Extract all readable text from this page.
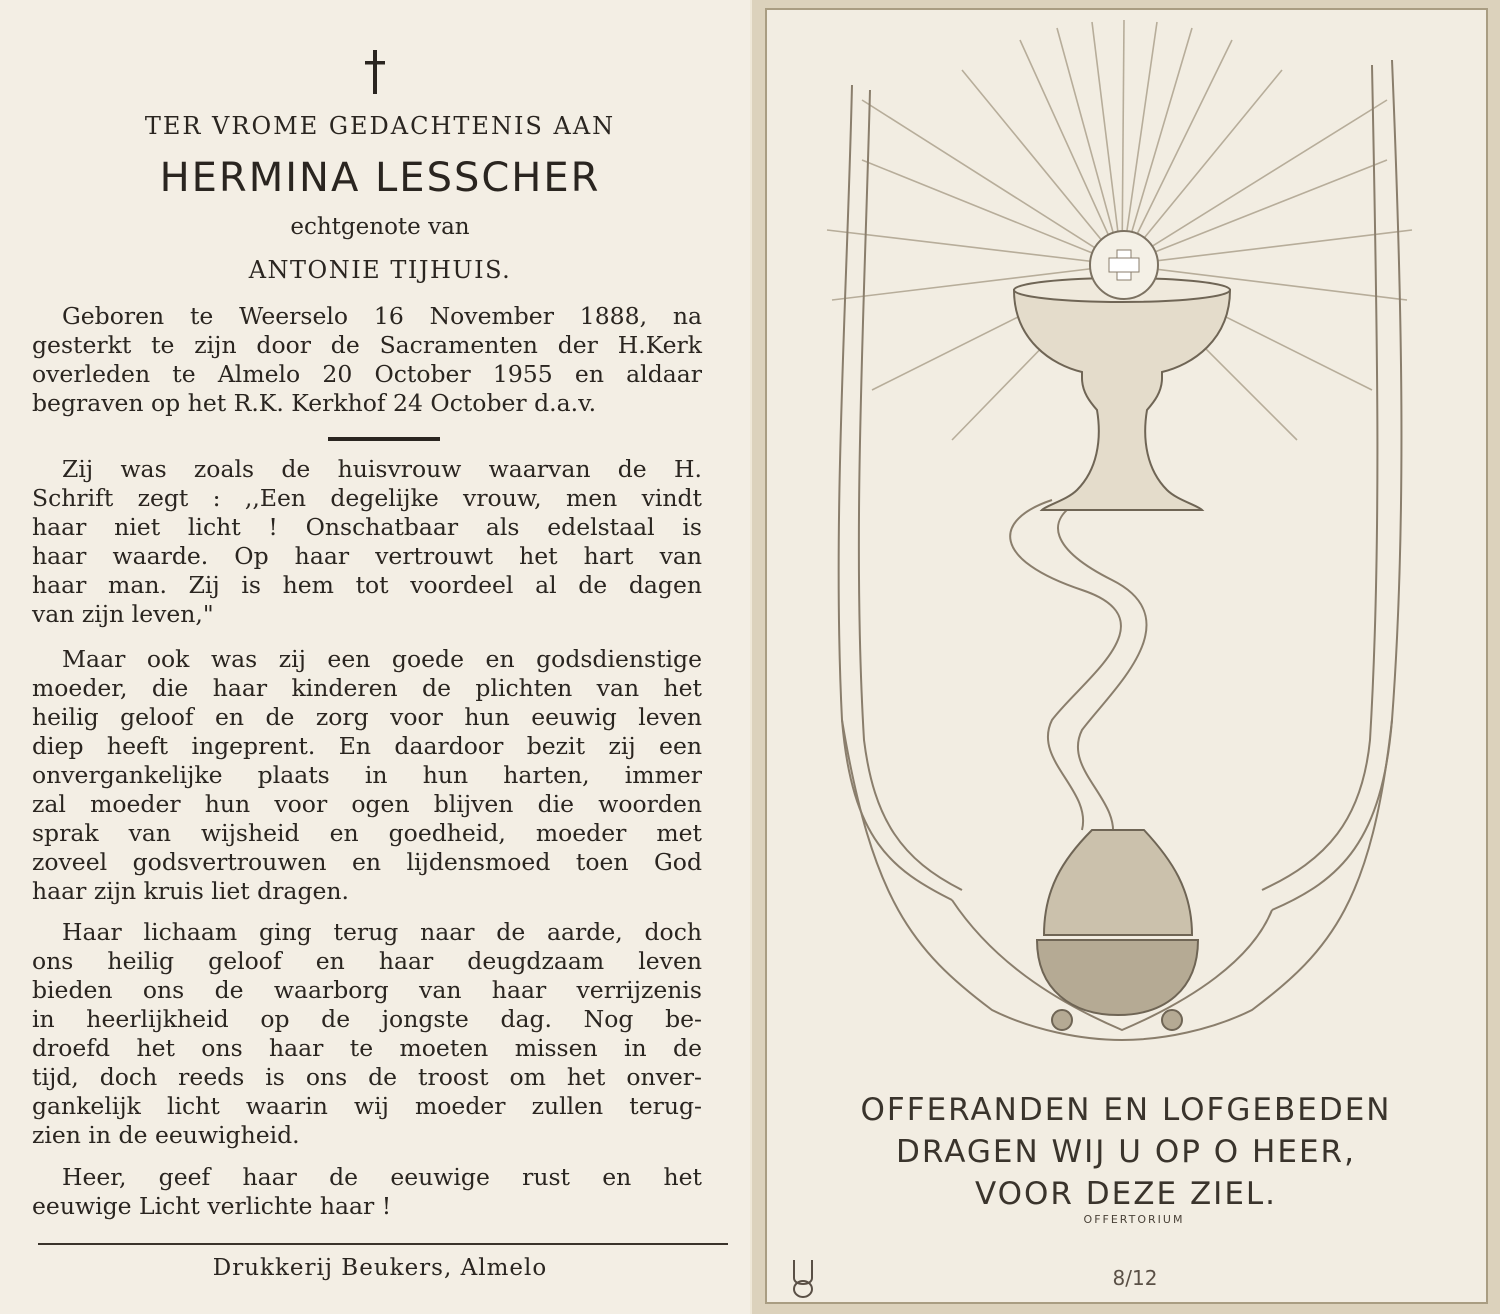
TER VROME GEDACHTENIS AAN
HERMINA LESSCHER
echtgenote van
ANTONIE TIJHUIS.
Geboren te Weerselo 16 November 1888, na
gesterkt te zijn door de Sacramenten der H.Kerk
overleden te Almelo 20 October 1955 en aldaar
begraven op het R.K. Kerkhof 24 October d.a.v.
Zij was zoals de huisvrouw waarvan de H.
Schrift zegt : ,,Een degelijke vrouw, men vindt
haar niet licht ! Onschatbaar als edelstaal is
haar waarde. Op haar vertrouwt het hart van
haar man. Zij is hem tot voordeel al de dagen
van zijn leven,"
Maar ook was zij een goede en godsdienstige
moeder, die haar kinderen de plichten van het
heilig geloof en de zorg voor hun eeuwig leven
diep heeft ingeprent. En daardoor bezit zij een
onvergankelijke plaats in hun harten, immer
zal moeder hun voor ogen blijven die woorden
sprak van wijsheid en goedheid, moeder met
zoveel godsvertrouwen en lijdensmoed toen God
haar zijn kruis liet dragen.
Haar lichaam ging terug naar de aarde, doch
ons heilig geloof en haar deugdzaam leven
bieden ons de waarborg van haar verrijzenis
in heerlijkheid op de jongste dag. Nog be-
droefd het ons haar te moeten missen in de
tijd, doch reeds is ons de troost om het onver-
gankelijk licht waarin wij moeder zullen terug-
zien in de eeuwigheid.
Heer, geef haar de eeuwige rust en het
eeuwige Licht verlichte haar !
Drukkerij Beukers, Almelo
OFFERANDEN EN LOFGEBEDEN
DRAGEN WIJ U OP O HEER,
VOOR DEZE ZIEL.
OFFERTORIUM
8/12
